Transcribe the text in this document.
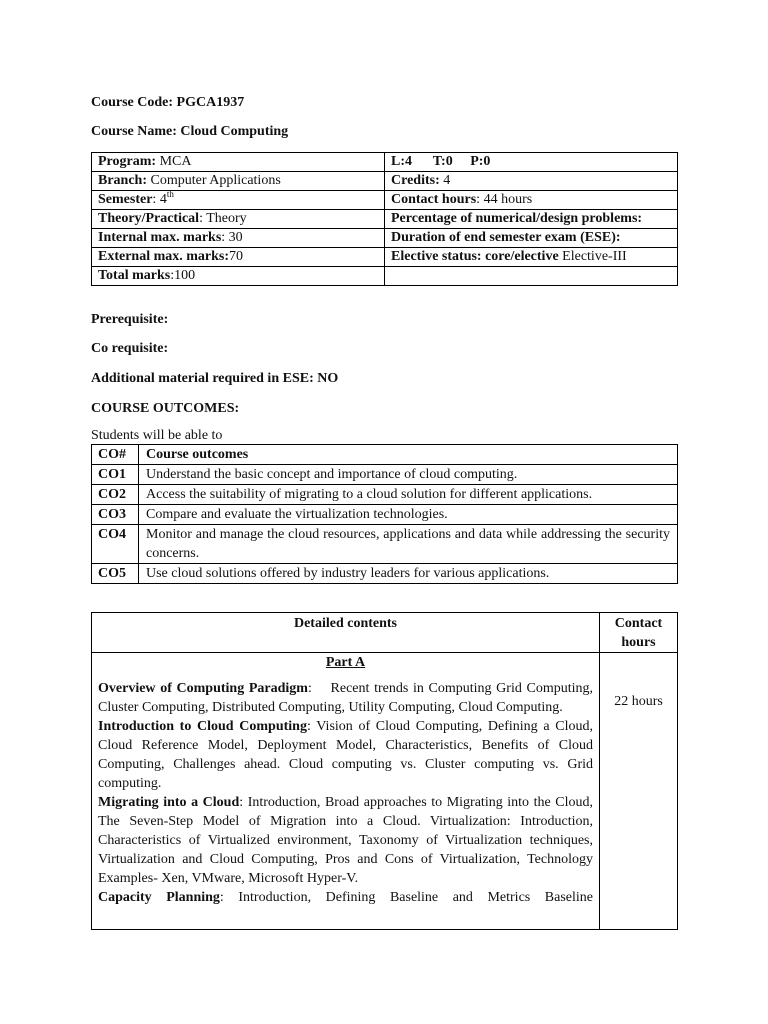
Course Code: PGCA1937
Course Name: Cloud Computing
Program: MCA	L:4      T:0     P:0
Branch: Computer Applications	Credits: 4
Semester: 4th	Contact hours: 44 hours
Theory/Practical: Theory	Percentage of numerical/design problems:
Internal max. marks: 30	Duration of end semester exam (ESE):
External max. marks:70	Elective status: core/elective Elective-III
Total marks:100	
Prerequisite:
Co requisite:
Additional material required in ESE: NO
COURSE OUTCOMES:
Students will be able to
CO#	Course outcomes
CO1	Understand the basic concept and importance of cloud computing.
CO2	Access the suitability of migrating to a cloud solution for different applications.
CO3	Compare and evaluate the virtualization technologies.
CO4	Monitor and manage the cloud resources, applications and data while addressing the security concerns.
CO5	Use cloud solutions offered by industry leaders for various applications.
Detailed contents	Contact hours

Part A
Overview of Computing Paradigm:    Recent trends in Computing Grid Computing, Cluster Computing, Distributed Computing, Utility Computing, Cloud Computing.
Introduction to Cloud Computing: Vision of Cloud Computing, Defining a Cloud, Cloud Reference Model, Deployment Model, Characteristics, Benefits of Cloud Computing, Challenges ahead. Cloud computing vs. Cluster computing vs. Grid computing.
Migrating into a Cloud: Introduction, Broad approaches to Migrating into the Cloud, The Seven-Step Model of Migration into a Cloud. Virtualization: Introduction, Characteristics of Virtualized environment, Taxonomy of Virtualization techniques, Virtualization and Cloud Computing, Pros and Cons of Virtualization, Technology Examples- Xen, VMware, Microsoft Hyper-V.
Capacity Planning: Introduction, Defining Baseline and Metrics Baseline	22 hours
